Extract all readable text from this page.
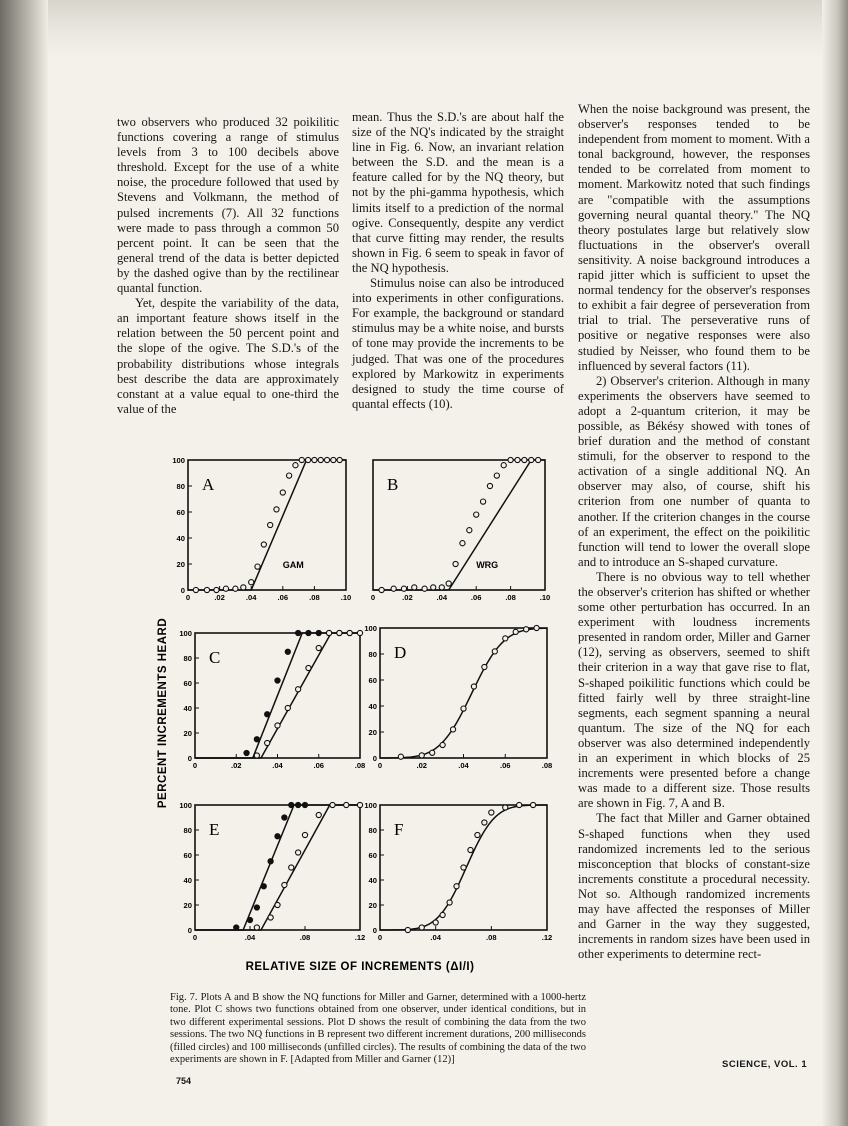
two observers who produced 32 poikilitic functions covering a range of stimulus levels from 3 to 100 decibels above threshold. Except for the use of a white noise, the procedure followed that used by Stevens and Volkmann, the method of pulsed increments (7). All 32 functions were made to pass through a common 50 percent point. It can be seen that the general trend of the data is better depicted by the dashed ogive than by the rectilinear quantal function.

Yet, despite the variability of the data, an important feature shows itself in the relation between the 50 percent point and the slope of the ogive. The S.D.'s of the probability distributions whose integrals best describe the data are approximately constant at a value equal to one-third the value of the

mean. Thus the S.D.'s are about half the size of the NQ's indicated by the straight line in Fig. 6. Now, an invariant relation between the S.D. and the mean is a feature called for by the NQ theory, but not by the phi-gamma hypothesis, which limits itself to a prediction of the normal ogive. Consequently, despite any verdict that curve fitting may render, the results shown in Fig. 6 seem to speak in favor of the NQ hypothesis.

Stimulus noise can also be introduced into experiments in other configurations. For example, the background or standard stimulus may be a white noise, and bursts of tone may provide the increments to be judged. That was one of the procedures explored by Markowitz in experiments designed to study the time course of quantal effects (10).

When the noise background was present, the observer's responses tended to be independent from moment to moment. With a tonal background, however, the responses tended to be correlated from moment to moment. Markowitz noted that such findings are "compatible with the assumptions governing neural quantal theory." The NQ theory postulates large but relatively slow fluctuations in the observer's overall sensitivity. A noise background introduces a rapid jitter which is sufficient to upset the normal tendency for the observer's responses to exhibit a fair degree of perseveration from trial to trial. The perseverative runs of positive or negative responses were also studied by Neisser, who found them to be influenced by several factors (11).

2) Observer's criterion. Although in many experiments the observers have seemed to adopt a 2-quantum criterion, it may be possible, as Békésy showed with tones of brief duration and the method of constant stimuli, for the observer to respond to the activation of a single additional NQ. An observer may also, of course, shift his criterion from one number of quanta to another. If the criterion changes in the course of an experiment, the effect on the poikilitic function will tend to lower the overall slope and to introduce an S-shaped curvature.

There is no obvious way to tell whether the observer's criterion has shifted or whether some other perturbation has occurred. In an experiment with loudness increments presented in random order, Miller and Garner (12), serving as observers, seemed to shift their criterion in a way that gave rise to flat, S-shaped poikilitic functions which could be fitted fairly well by three straight-line segments, each segment spanning a neural quantum. The size of the NQ for each observer was also determined independently in an experiment in which blocks of 25 increments were presented before a change was made to a different size. Those results are shown in Fig. 7, A and B.

The fact that Miller and Garner obtained S-shaped functions when they used randomized increments led to the serious misconception that blocks of constant-size increments constitute a procedural necessity. Not so. Although randomized increments may have affected the responses of Miller and Garner in the way they suggested, increments in random sizes have been used in other experiments to determine rect-

0	.02	.04	.06	.08	.10
100
80
60
40
20
0
A
GAM
0	.02	.04	.06	.08	.10
B
WRG
0	.02	.04	.06	.08
100
80
60
40
20
0
C
0	.02	.04	.06	.08
100
80
60
40
20
0
D
0	.04	.08	.12
100
80
60
40
20
0
E
0	.04	.08	.12
100
80
60
40
20
0
F
PERCENT INCREMENTS HEARD
RELATIVE SIZE OF INCREMENTS (ΔI/I)

Fig. 7. Plots A and B show the NQ functions for Miller and Garner, determined with a 1000-hertz tone. Plot C shows two functions obtained from one observer, under identical conditions, but in two different experimental sessions. Plot D shows the result of combining the data from the two sessions. The two NQ functions in B represent two different increment durations, 200 milliseconds (filled circles) and 100 milliseconds (unfilled circles). The results of combining the data of the two experiments are shown in F. [Adapted from Miller and Garner (12)]

754
SCIENCE, VOL. 1
